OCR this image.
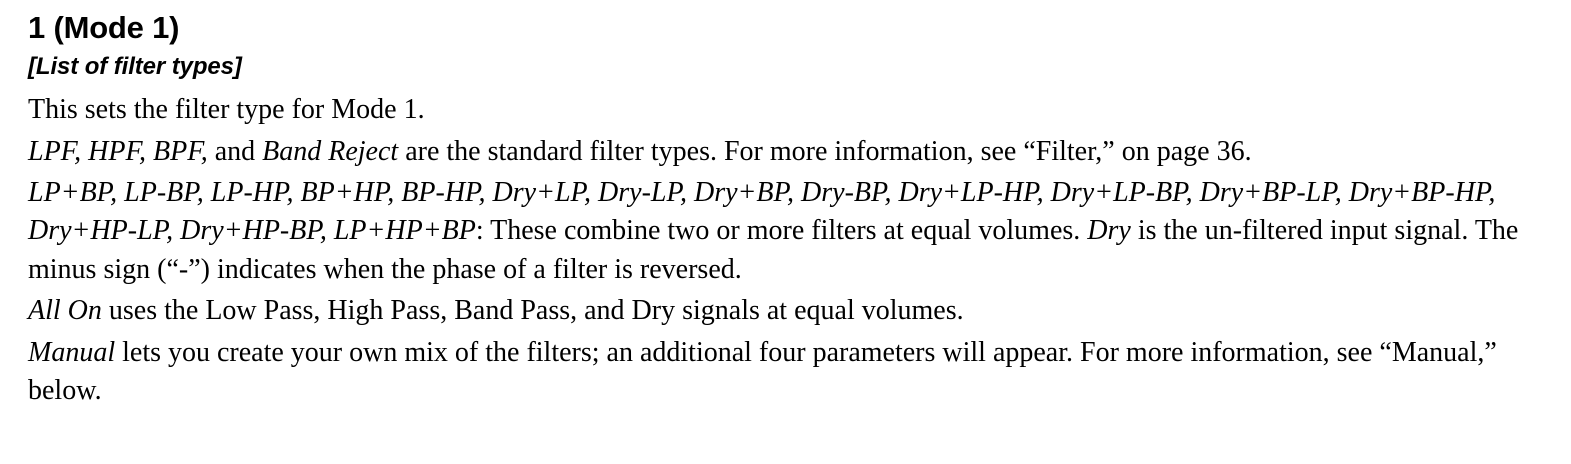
1 (Mode 1)
[List of filter types]

This sets the filter type for Mode 1.

LPF, HPF, BPF, and Band Reject are the standard filter types. For more information, see “Filter,” on page 36.

LP+BP, LP-BP, LP-HP, BP+HP, BP-HP, Dry+LP, Dry-LP, Dry+BP, Dry-BP, Dry+LP-HP, Dry+LP-BP, Dry+BP-LP, Dry+BP-HP, Dry+HP-LP, Dry+HP-BP, LP+HP+BP: These combine two or more filters at equal volumes. Dry is the un-filtered input signal. The minus sign (“-”) indicates when the phase of a filter is reversed.

All On uses the Low Pass, High Pass, Band Pass, and Dry signals at equal volumes.

Manual lets you create your own mix of the filters; an additional four parameters will appear. For more information, see “Manual,” below.
